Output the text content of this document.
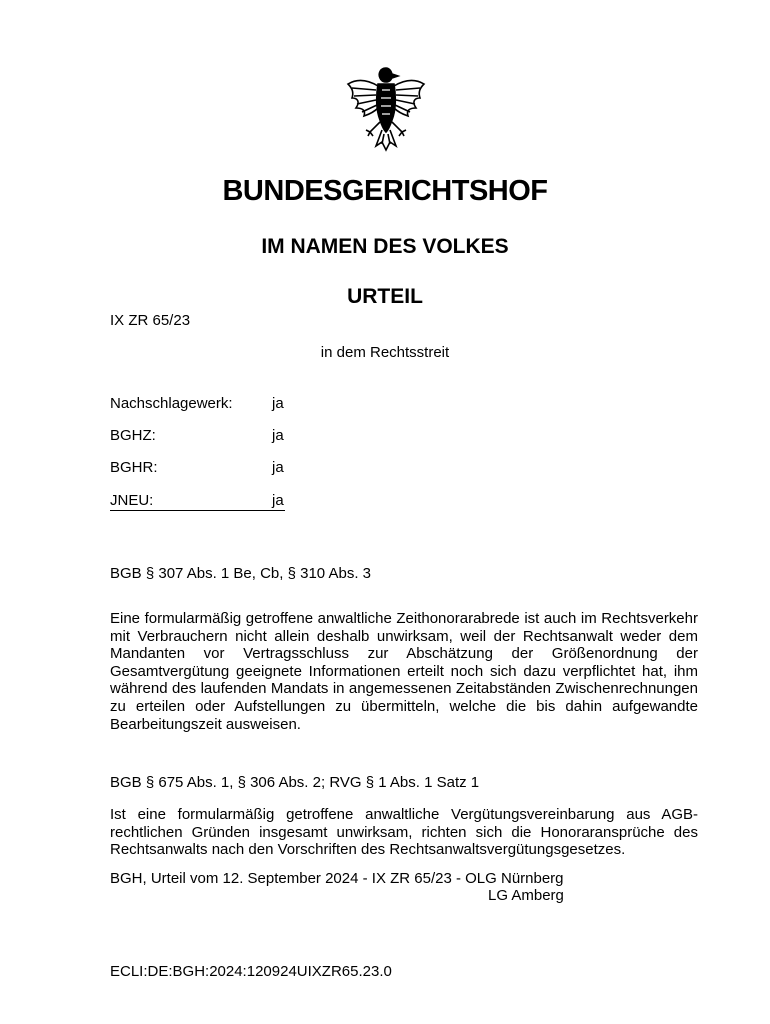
BUNDESGERICHTSHOF
IM NAMEN DES VOLKES
URTEIL
IX ZR 65/23
in dem Rechtsstreit
Nachschlagewerk:	ja
BGHZ:	ja
BGHR:	ja
JNEU:	ja
BGB § 307 Abs. 1 Be, Cb, § 310 Abs. 3

Eine formularmäßig getroffene anwaltliche Zeithonorarabrede ist auch im Rechtsverkehr mit Verbrauchern nicht allein deshalb unwirksam, weil der Rechtsanwalt weder dem Mandanten vor Vertragsschluss zur Abschätzung der Größenordnung der Gesamtvergütung geeignete Informationen erteilt noch sich dazu verpflichtet hat, ihm während des laufenden Mandats in angemessenen Zeitabständen Zwischenrechnungen zu erteilen oder Aufstellungen zu übermitteln, welche die bis dahin aufgewandte Bearbeitungszeit ausweisen.

BGB § 675 Abs. 1, § 306 Abs. 2; RVG § 1 Abs. 1 Satz 1

Ist eine formularmäßig getroffene anwaltliche Vergütungsvereinbarung aus AGB-rechtlichen Gründen insgesamt unwirksam, richten sich die Honoraransprüche des Rechtsanwalts nach den Vorschriften des Rechtsanwaltsvergütungsgesetzes.

BGH, Urteil vom 12. September 2024 - IX ZR 65/23 - OLG Nürnberg
LG Amberg
ECLI:DE:BGH:2024:120924UIXZR65.23.0
